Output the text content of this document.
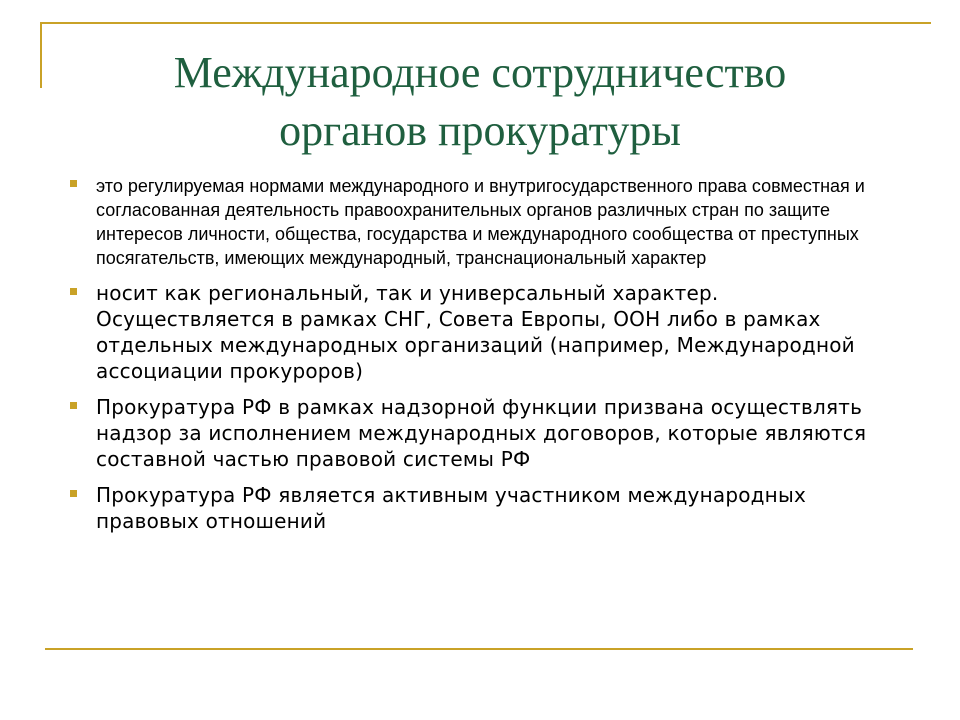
Международное сотрудничество
органов прокуратуры
это регулируемая нормами международного и внутригосударственного права совместная и согласованная деятельность правоохранительных органов различных стран по защите интересов личности, общества, государства и международного сообщества от преступных посягательств, имеющих международный, транснациональный характер
носит как региональный, так и универсальный характер. Осуществляется в рамках СНГ, Совета Европы, ООН либо в рамках отдельных международных организаций (например, Международной ассоциации прокуроров)
Прокуратура РФ в рамках надзорной функции призвана осуществлять надзор за исполнением международных договоров, которые являются составной частью правовой системы РФ
Прокуратура РФ является активным участником международных правовых отношений
